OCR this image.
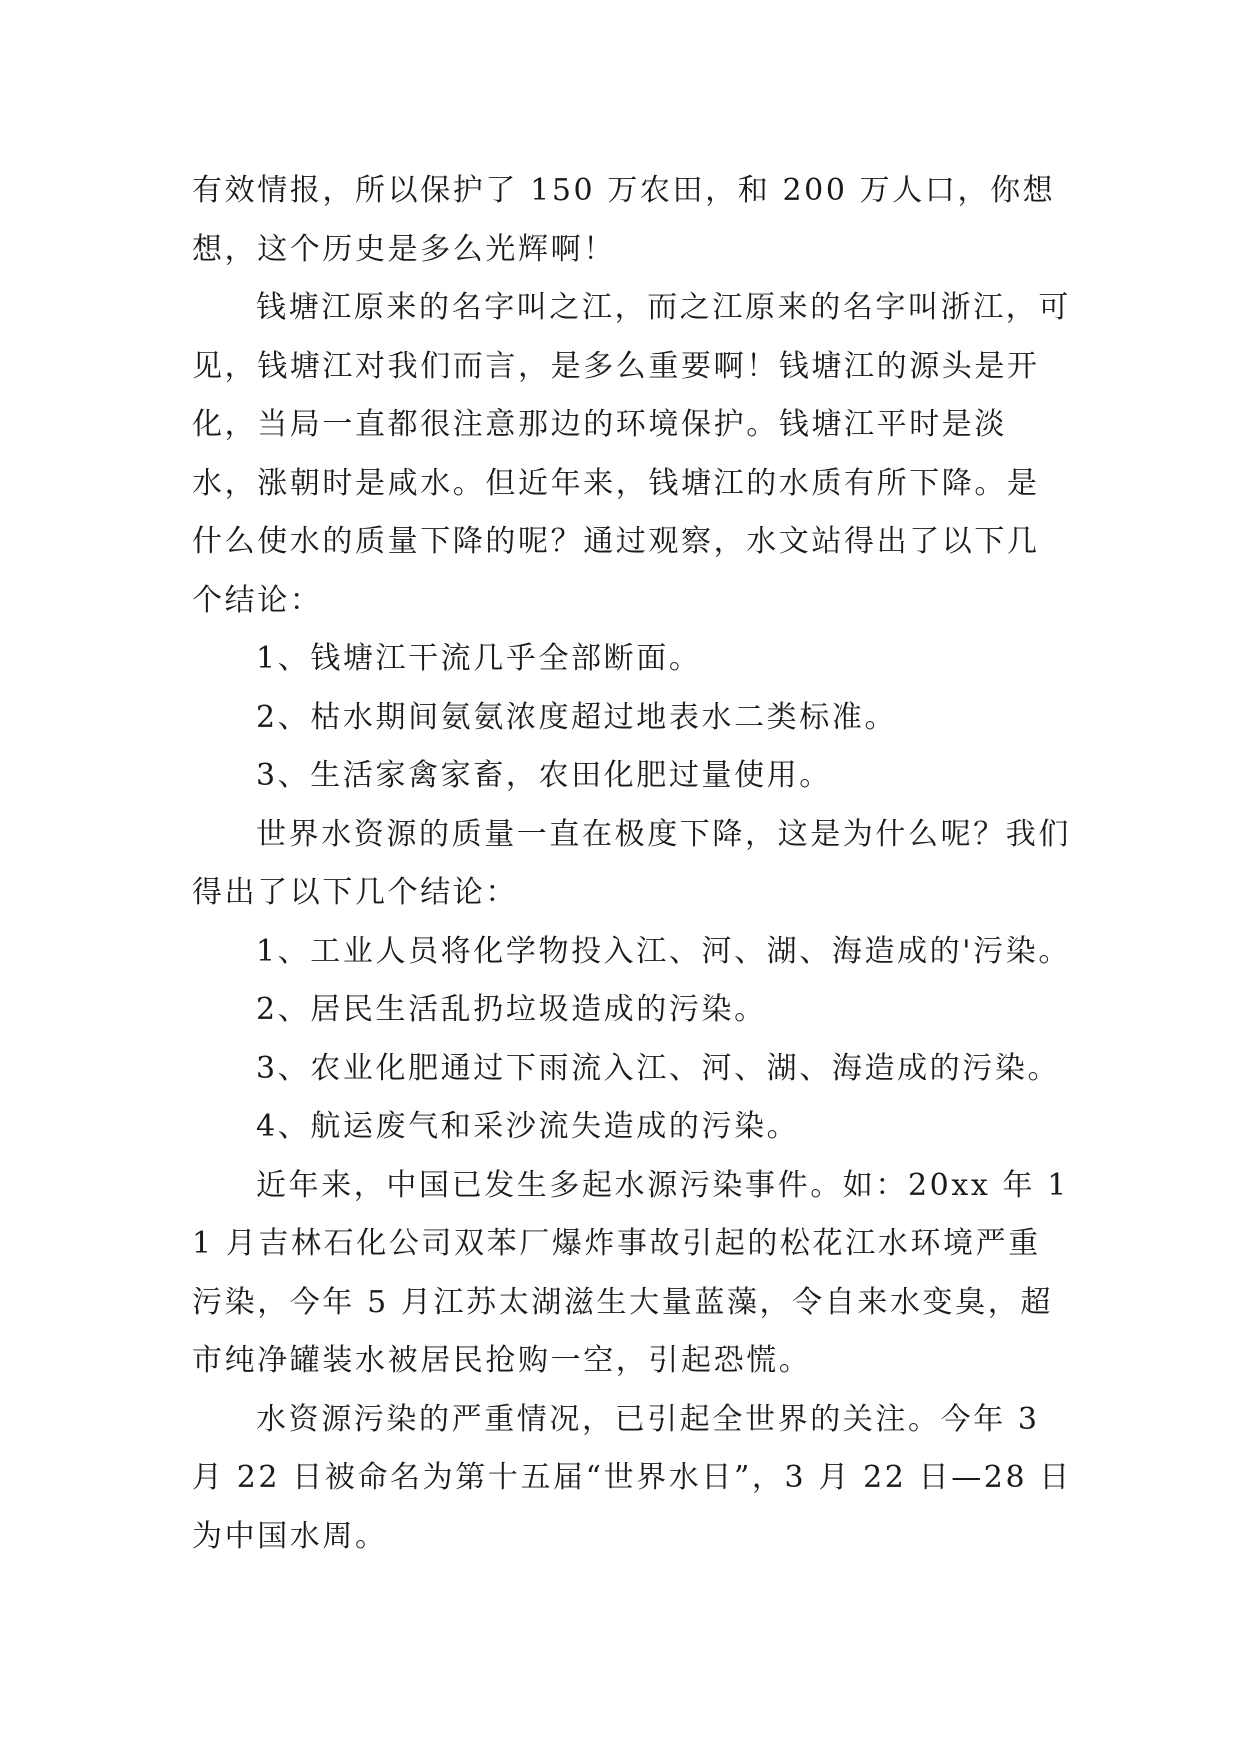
有效情报，所以保护了 150 万农田，和 200 万人口，你想想，这个历史是多么光辉啊！

钱塘江原来的名字叫之江，而之江原来的名字叫浙江，可见，钱塘江对我们而言，是多么重要啊！钱塘江的源头是开化，当局一直都很注意那边的环境保护。钱塘江平时是淡水，涨朝时是咸水。但近年来，钱塘江的水质有所下降。是什么使水的质量下降的呢？通过观察，水文站得出了以下几个结论：

1、钱塘江干流几乎全部断面。

2、枯水期间氨氨浓度超过地表水二类标准。

3、生活家禽家畜，农田化肥过量使用。

世界水资源的质量一直在极度下降，这是为什么呢？我们得出了以下几个结论：

1、工业人员将化学物投入江、河、湖、海造成的'污染。

2、居民生活乱扔垃圾造成的污染。

3、农业化肥通过下雨流入江、河、湖、海造成的污染。

4、航运废气和采沙流失造成的污染。

近年来，中国已发生多起水源污染事件。如：20xx 年 11 月吉林石化公司双苯厂爆炸事故引起的松花江水环境严重污染，今年 5 月江苏太湖滋生大量蓝藻，令自来水变臭，超市纯净罐装水被居民抢购一空，引起恐慌。

水资源污染的严重情况，已引起全世界的关注。今年 3 月 22 日被命名为第十五届“世界水日”，3 月 22 日—28 日为中国水周。
